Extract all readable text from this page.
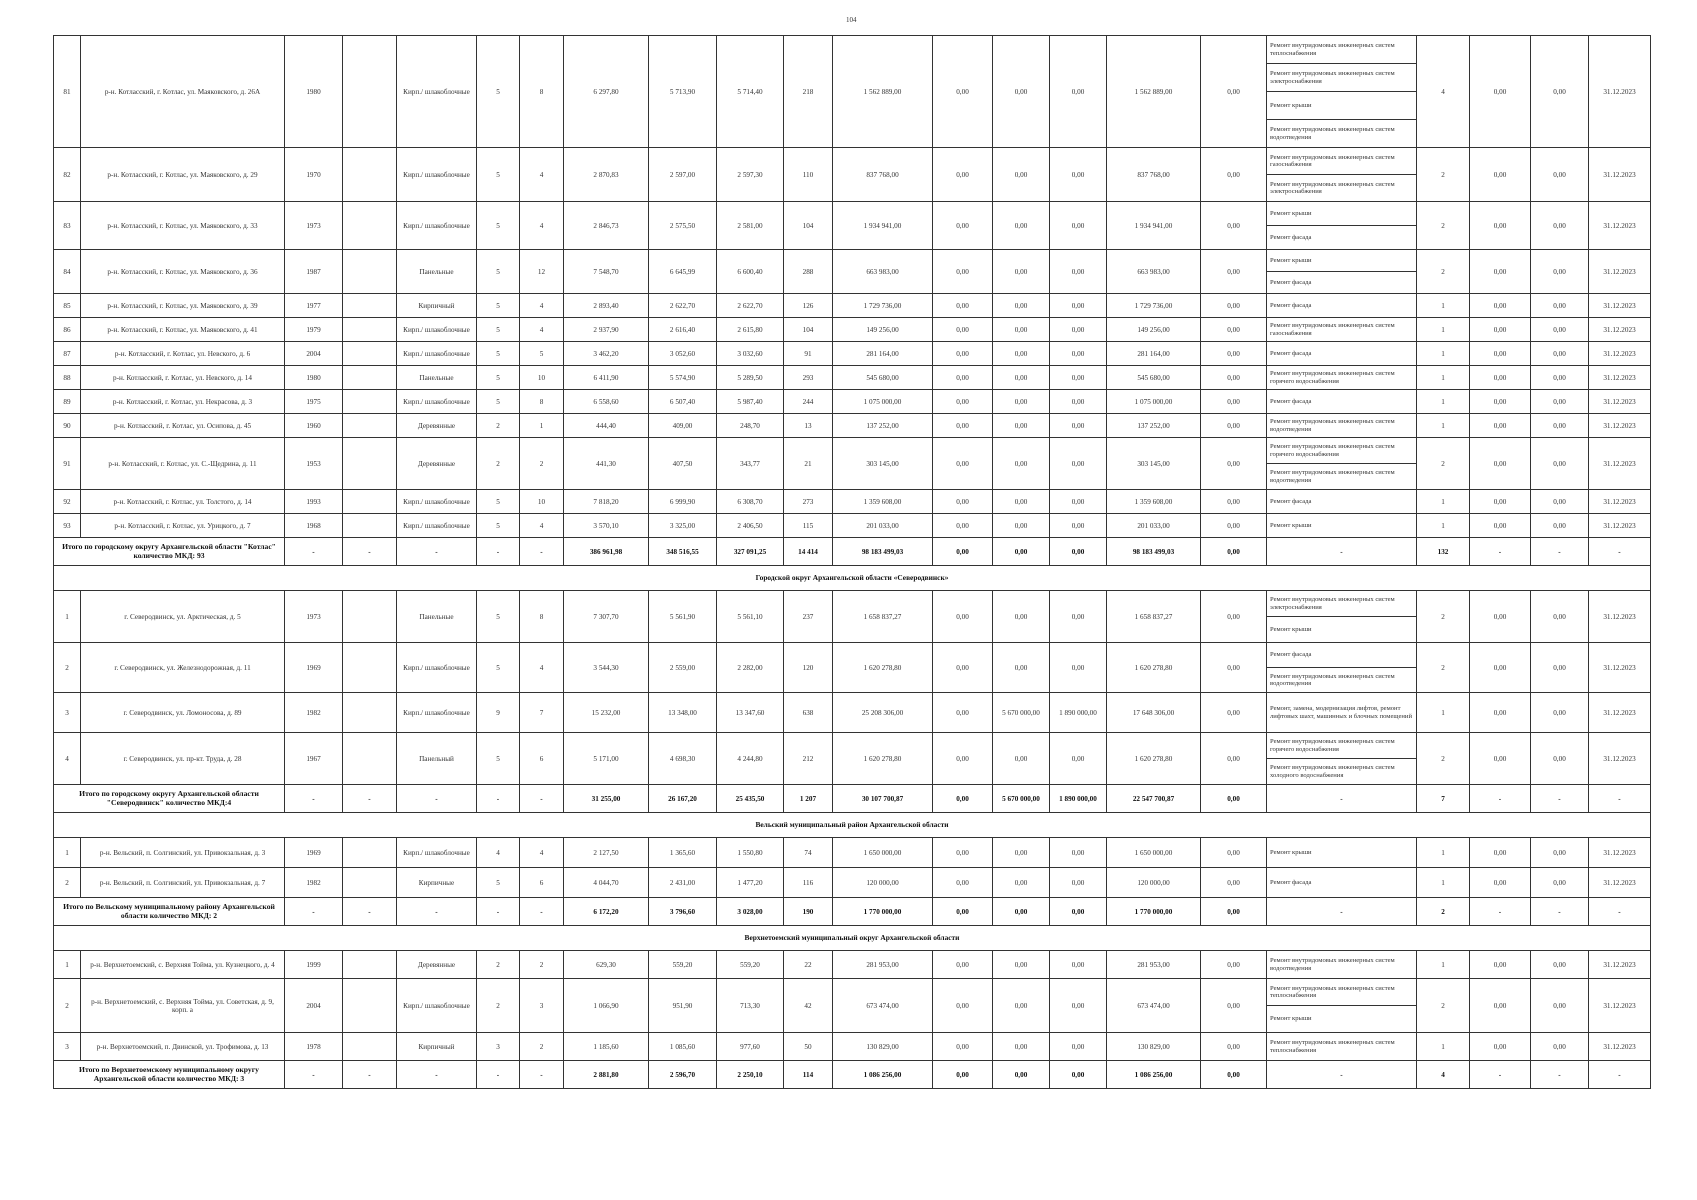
104
81	р-н. Котласский, г. Котлас, ул. Маяковского, д. 26А	1980		Кирп./ шлакоблочные	5	8	6 297,80	5 713,90	5 714,40	218	1 562 889,00	0,00	0,00	0,00	1 562 889,00	0,00	Ремонт внутридомовых инженерных систем теплоснабжения	4	0,00	0,00	31.12.2023
																	Ремонт внутридомовых инженерных систем электроснабжения				
																	Ремонт крыши				
																	Ремонт внутридомовых инженерных систем водоотведения				
82	р-н. Котласский, г. Котлас, ул. Маяковского, д. 29	1970		Кирп./ шлакоблочные	5	4	2 870,83	2 597,00	2 597,30	110	837 768,00	0,00	0,00	0,00	837 768,00	0,00	Ремонт внутридомовых инженерных систем газоснабжения	2	0,00	0,00	31.12.2023
																	Ремонт внутридомовых инженерных систем электроснабжения				
83	р-н. Котласский, г. Котлас, ул. Маяковского, д. 33	1973		Кирп./ шлакоблочные	5	4	2 846,73	2 575,50	2 581,00	104	1 934 941,00	0,00	0,00	0,00	1 934 941,00	0,00	Ремонт крыши	2	0,00	0,00	31.12.2023
																	Ремонт фасада				
84	р-н. Котласский, г. Котлас, ул. Маяковского, д. 36	1987		Панельные	5	12	7 548,70	6 645,99	6 600,40	288	663 983,00	0,00	0,00	0,00	663 983,00	0,00	Ремонт крыши	2	0,00	0,00	31.12.2023
																	Ремонт фасада				
85	р-н. Котласский, г. Котлас, ул. Маяковского, д. 39	1977		Кирпичный	5	4	2 893,40	2 622,70	2 622,70	126	1 729 736,00	0,00	0,00	0,00	1 729 736,00	0,00	Ремонт фасада	1	0,00	0,00	31.12.2023
86	р-н. Котласский, г. Котлас, ул. Маяковского, д. 41	1979		Кирп./ шлакоблочные	5	4	2 937,90	2 616,40	2 615,80	104	149 256,00	0,00	0,00	0,00	149 256,00	0,00	Ремонт внутридомовых инженерных систем газоснабжения	1	0,00	0,00	31.12.2023
87	р-н. Котласский, г. Котлас, ул. Невского, д. 6	2004		Кирп./ шлакоблочные	5	5	3 462,20	3 052,60	3 032,60	91	281 164,00	0,00	0,00	0,00	281 164,00	0,00	Ремонт фасада	1	0,00	0,00	31.12.2023
88	р-н. Котласский, г. Котлас, ул. Невского, д. 14	1980		Панельные	5	10	6 411,90	5 574,90	5 289,50	293	545 680,00	0,00	0,00	0,00	545 680,00	0,00	Ремонт внутридомовых инженерных систем горячего водоснабжения	1	0,00	0,00	31.12.2023
89	р-н. Котласский, г. Котлас, ул. Некрасова, д. 3	1975		Кирп./ шлакоблочные	5	8	6 558,60	6 507,40	5 987,40	244	1 075 000,00	0,00	0,00	0,00	1 075 000,00	0,00	Ремонт фасада	1	0,00	0,00	31.12.2023
90	р-н. Котласский, г. Котлас, ул. Осипова, д. 45	1960		Деревянные	2	1	444,40	409,00	248,70	13	137 252,00	0,00	0,00	0,00	137 252,00	0,00	Ремонт внутридомовых инженерных систем водоотведения	1	0,00	0,00	31.12.2023
91	р-н. Котласский, г. Котлас, ул. С.-Щедрина, д. 11	1953		Деревянные	2	2	441,30	407,50	343,77	21	303 145,00	0,00	0,00	0,00	303 145,00	0,00	Ремонт внутридомовых инженерных систем горячего водоснабжения	2	0,00	0,00	31.12.2023
																	Ремонт внутридомовых инженерных систем водоотведения				
92	р-н. Котласский, г. Котлас, ул. Толстого, д. 14	1993		Кирп./ шлакоблочные	5	10	7 818,20	6 999,90	6 308,70	273	1 359 608,00	0,00	0,00	0,00	1 359 608,00	0,00	Ремонт фасада	1	0,00	0,00	31.12.2023
93	р-н. Котласский, г. Котлас, ул. Урицкого, д. 7	1968		Кирп./ шлакоблочные	5	4	3 570,10	3 325,00	2 406,50	115	201 033,00	0,00	0,00	0,00	201 033,00	0,00	Ремонт крыши	1	0,00	0,00	31.12.2023
Итого по городскому округу Архангельской области "Котлас" количество МКД: 93		-	-	-	-	-	386 961,98	348 516,55	327 091,25	14 414	98 183 499,03	0,00	0,00	0,00	98 183 499,03	0,00	-	132	-	-	-
Городской округ Архангельской области «Северодвинск»																					
1	г. Северодвинск, ул. Арктическая, д. 5	1973		Панельные	5	8	7 307,70	5 561,90	5 561,10	237	1 658 837,27	0,00	0,00	0,00	1 658 837,27	0,00	Ремонт внутридомовых инженерных систем электроснабжения	2	0,00	0,00	31.12.2023
																	Ремонт крыши				
2	г. Северодвинск, ул. Железнодорожная, д. 11	1969		Кирп./ шлакоблочные	5	4	3 544,30	2 559,00	2 282,00	120	1 620 278,80	0,00	0,00	0,00	1 620 278,80	0,00	Ремонт фасада	2	0,00	0,00	31.12.2023
																	Ремонт внутридомовых инженерных систем водоотведения				
3	г. Северодвинск, ул. Ломоносова, д. 89	1982		Кирп./ шлакоблочные	9	7	15 232,00	13 348,00	13 347,60	638	25 208 306,00	0,00	5 670 000,00	1 890 000,00	17 648 306,00	0,00	Ремонт, замена, модернизация лифтов, ремонт лифтовых шахт, машинных и блочных помещений	1	0,00	0,00	31.12.2023
4	г. Северодвинск, ул. пр-кт. Труда, д. 28	1967		Панельный	5	6	5 171,00	4 698,30	4 244,80	212	1 620 278,80	0,00	0,00	0,00	1 620 278,80	0,00	Ремонт внутридомовых инженерных систем горячего водоснабжения	2	0,00	0,00	31.12.2023
																	Ремонт внутридомовых инженерных систем холодного водоснабжения				
Итого по городскому округу Архангельской области "Северодвинск" количество МКД:4		-	-	-	-	-	31 255,00	26 167,20	25 435,50	1 207	30 107 700,87	0,00	5 670 000,00	1 890 000,00	22 547 700,87	0,00	-	7	-	-	-
Вельский муниципальный район Архангельской области																					
1	р-н. Вельский, п. Солгинский, ул. Привокзальная, д. 3	1969		Кирп./ шлакоблочные	4	4	2 127,50	1 365,60	1 550,80	74	1 650 000,00	0,00	0,00	0,00	1 650 000,00	0,00	Ремонт крыши	1	0,00	0,00	31.12.2023
2	р-н. Вельский, п. Солгинский, ул. Привокзальная, д. 7	1982		Кирпичные	5	6	4 044,70	2 431,00	1 477,20	116	120 000,00	0,00	0,00	0,00	120 000,00	0,00	Ремонт фасада	1	0,00	0,00	31.12.2023
Итого по Вельскому муниципальному району Архангельской области количество МКД: 2		-	-	-	-	-	6 172,20	3 796,60	3 028,00	190	1 770 000,00	0,00	0,00	0,00	1 770 000,00	0,00	-	2	-	-	-
Верхнетоемский муниципальный округ Архангельской области																					
1	р-н. Верхнетоемский, с. Верхняя Тойма, ул. Кузнецкого, д. 4	1999		Деревянные	2	2	629,30	559,20	559,20	22	281 953,00	0,00	0,00	0,00	281 953,00	0,00	Ремонт внутридомовых инженерных систем водоотведения	1	0,00	0,00	31.12.2023
2	р-н. Верхнетоемский, с. Верхняя Тойма, ул. Советская, д. 9, корп. а	2004		Кирп./ шлакоблочные	2	3	1 066,90	951,90	713,30	42	673 474,00	0,00	0,00	0,00	673 474,00	0,00	Ремонт внутридомовых инженерных систем теплоснабжения	2	0,00	0,00	31.12.2023
																	Ремонт крыши				
3	р-н. Верхнетоемский, п. Двинской, ул. Трофимова, д. 13	1978		Кирпичный	3	2	1 185,60	1 085,60	977,60	50	130 829,00	0,00	0,00	0,00	130 829,00	0,00	Ремонт внутридомовых инженерных систем теплоснабжения	1	0,00	0,00	31.12.2023
Итого по Верхнетоемскому муниципальному округу Архангельской области количество МКД: 3		-	-	-	-	-	2 881,80	2 596,70	2 250,10	114	1 086 256,00	0,00	0,00	0,00	1 086 256,00	0,00	-	4	-	-	-
